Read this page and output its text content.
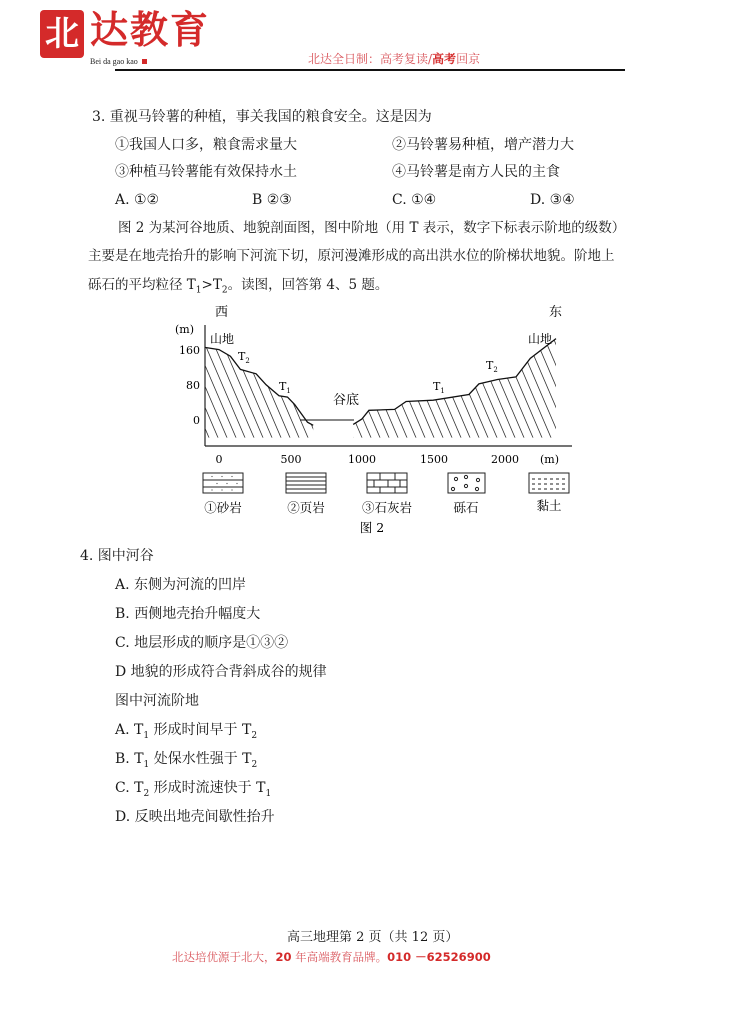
北 达教育
Bei da gao kao	北达全日制：高考复读/高考回京
3. 重视马铃薯的种植，事关我国的粮食安全。这是因为
①我国人口多，粮食需求量大	②马铃薯易种植，增产潜力大
③种植马铃薯能有效保持水土	④马铃薯是南方人民的主食
A. ①②	B ②③	C. ①④	D. ③④
图 2 为某河谷地质、地貌剖面图，图中阶地（用 T 表示，数字下标表示阶地的级数）
主要是在地壳抬升的影响下河流下切，原河漫滩形成的高出洪水位的阶梯状地貌。阶地上
砾石的平均粒径 $T_1>T_2$。读图，回答第 4、5 题。
西	东
(m)
160
80
0
0	500	1000	1500	2000 (m)
山地	山地
$T_2$
$T_1$	$T_1$
$T_2$
谷底
①砂岩	②页岩	③石灰岩	砾石	黏土
图 2
4. 图中河谷
A. 东侧为河流的凹岸
B. 西侧地壳抬升幅度大
C. 地层形成的顺序是①③②
D 地貌的形成符合背斜成谷的规律
图中河流阶地
A. $T_1$ 形成时间早于 $T_2$
B. $T_1$ 处保水性强于 $T_2$
C. $T_2$ 形成时流速快于 $T_1$
D. 反映出地壳间歇性抬升
高三地理第 2 页（共 12 页）
北达培优源于北大，20 年高端教育品牌。010 －62526900
